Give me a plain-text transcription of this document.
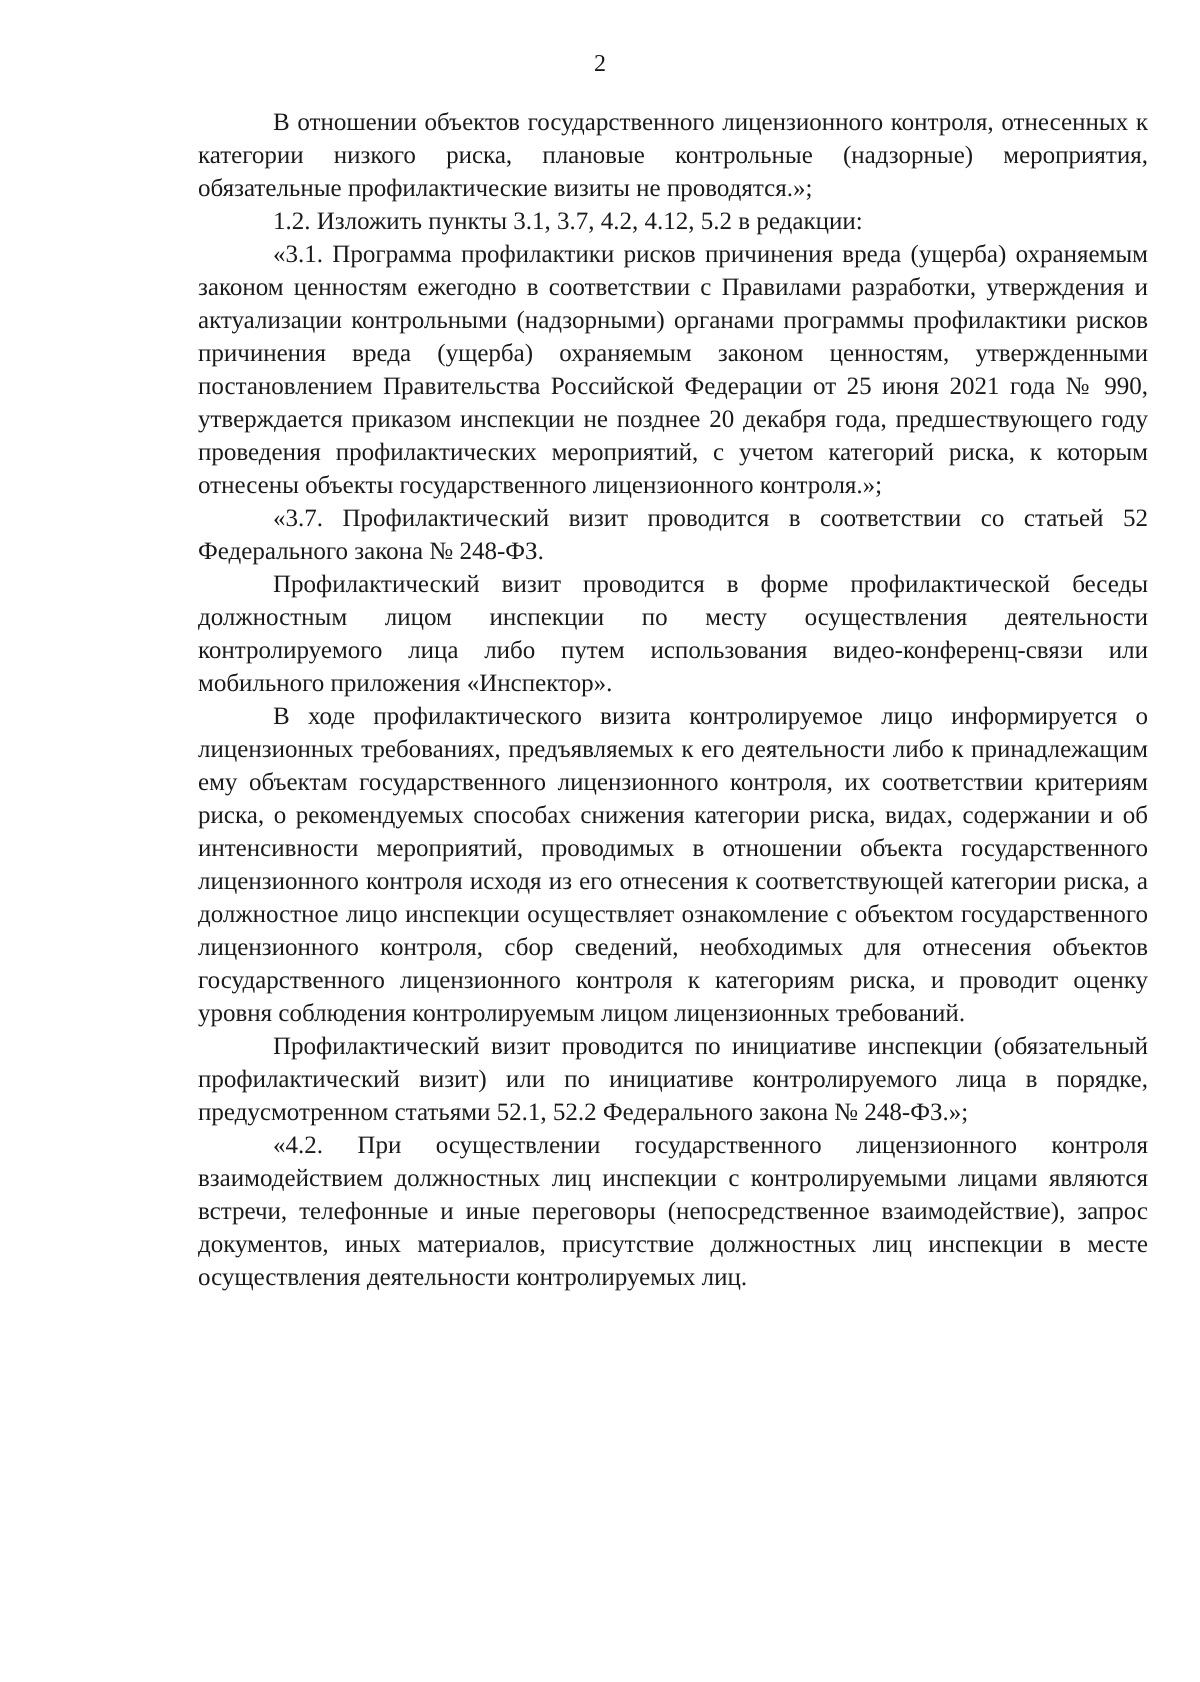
2

В отношении объектов государственного лицензионного контроля, отнесенных к категории низкого риска, плановые контрольные (надзорные) мероприятия, обязательные профилактические визиты не проводятся.»;

1.2. Изложить пункты 3.1, 3.7, 4.2, 4.12, 5.2 в редакции:

«3.1. Программа профилактики рисков причинения вреда (ущерба) охраняемым законом ценностям ежегодно в соответствии с Правилами разработки, утверждения и актуализации контрольными (надзорными) органами программы профилактики рисков причинения вреда (ущерба) охраняемым законом ценностям, утвержденными постановлением Правительства Российской Федерации от 25 июня 2021 года № 990, утверждается приказом инспекции не позднее 20 декабря года, предшествующего году проведения профилактических мероприятий, с учетом категорий риска, к которым отнесены объекты государственного лицензионного контроля.»;

«3.7. Профилактический визит проводится в соответствии со статьей 52 Федерального закона № 248-ФЗ.

Профилактический визит проводится в форме профилактической беседы должностным лицом инспекции по месту осуществления деятельности контролируемого лица либо путем использования видео-конференц-связи или мобильного приложения «Инспектор».

В ходе профилактического визита контролируемое лицо информируется о лицензионных требованиях, предъявляемых к его деятельности либо к принадлежащим ему объектам государственного лицензионного контроля, их соответствии критериям риска, о рекомендуемых способах снижения категории риска, видах, содержании и об интенсивности мероприятий, проводимых в отношении объекта государственного лицензионного контроля исходя из его отнесения к соответствующей категории риска, а должностное лицо инспекции осуществляет ознакомление с объектом государственного лицензионного контроля, сбор сведений, необходимых для отнесения объектов государственного лицензионного контроля к категориям риска, и проводит оценку уровня соблюдения контролируемым лицом лицензионных требований.

Профилактический визит проводится по инициативе инспекции (обязательный профилактический визит) или по инициативе контролируемого лица в порядке, предусмотренном статьями 52.1, 52.2 Федерального закона № 248-ФЗ.»;

«4.2. При осуществлении государственного лицензионного контроля взаимодействием должностных лиц инспекции с контролируемыми лицами являются встречи, телефонные и иные переговоры (непосредственное взаимодействие), запрос документов, иных материалов, присутствие должностных лиц инспекции в месте осуществления деятельности контролируемых лиц.
